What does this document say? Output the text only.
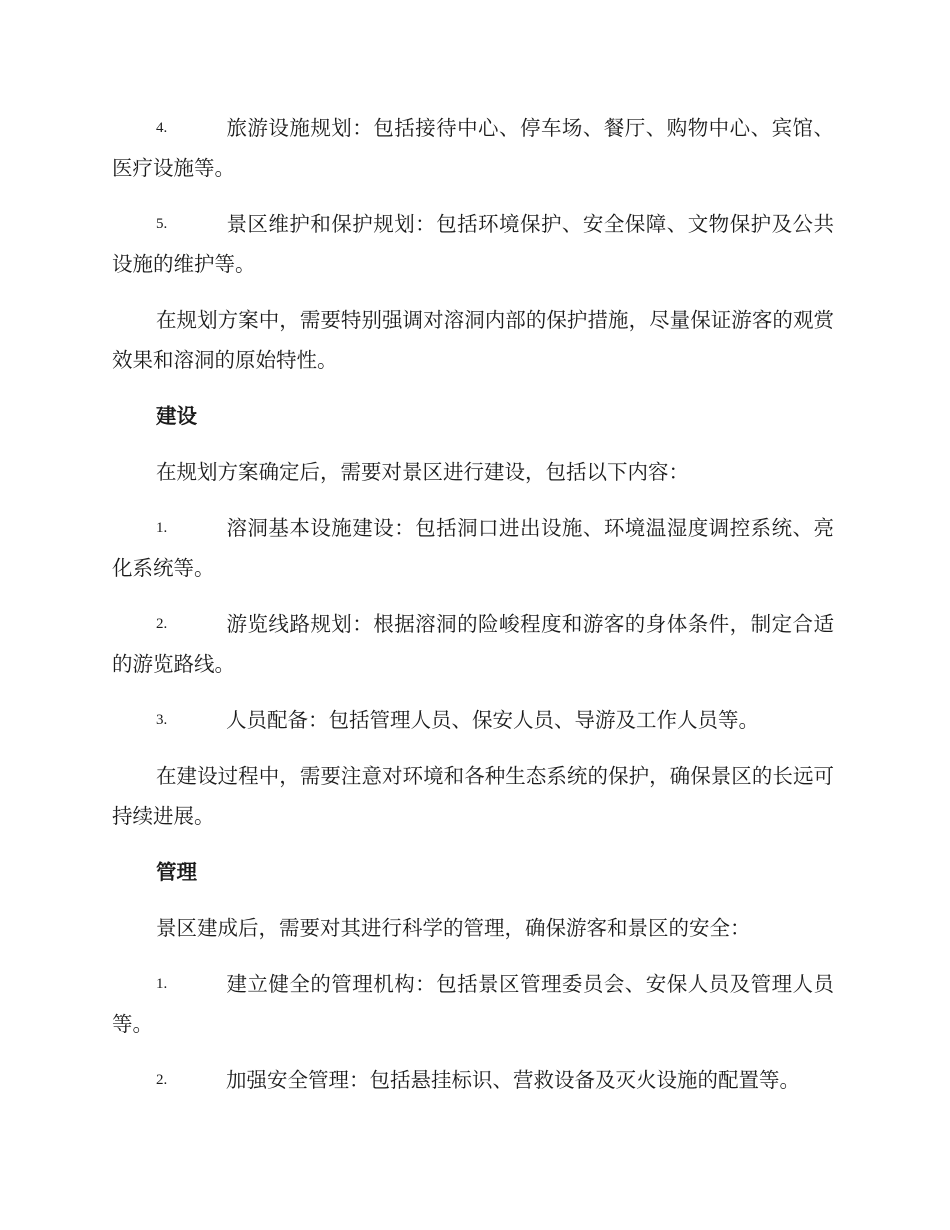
4.	旅游设施规划：包括接待中心、停车场、餐厅、购物中心、宾馆、医疗设施等。

5.	景区维护和保护规划：包括环境保护、安全保障、文物保护及公共设施的维护等。

在规划方案中，需要特别强调对溶洞内部的保护措施，尽量保证游客的观赏效果和溶洞的原始特性。

建设

在规划方案确定后，需要对景区进行建设，包括以下内容：

1.	溶洞基本设施建设：包括洞口进出设施、环境温湿度调控系统、亮化系统等。

2.	游览线路规划：根据溶洞的险峻程度和游客的身体条件，制定合适的游览路线。

3.	人员配备：包括管理人员、保安人员、导游及工作人员等。

在建设过程中，需要注意对环境和各种生态系统的保护，确保景区的长远可持续进展。

管理

景区建成后，需要对其进行科学的管理，确保游客和景区的安全：

1.	建立健全的管理机构：包括景区管理委员会、安保人员及管理人员等。

2.	加强安全管理：包括悬挂标识、营救设备及灭火设施的配置等。
